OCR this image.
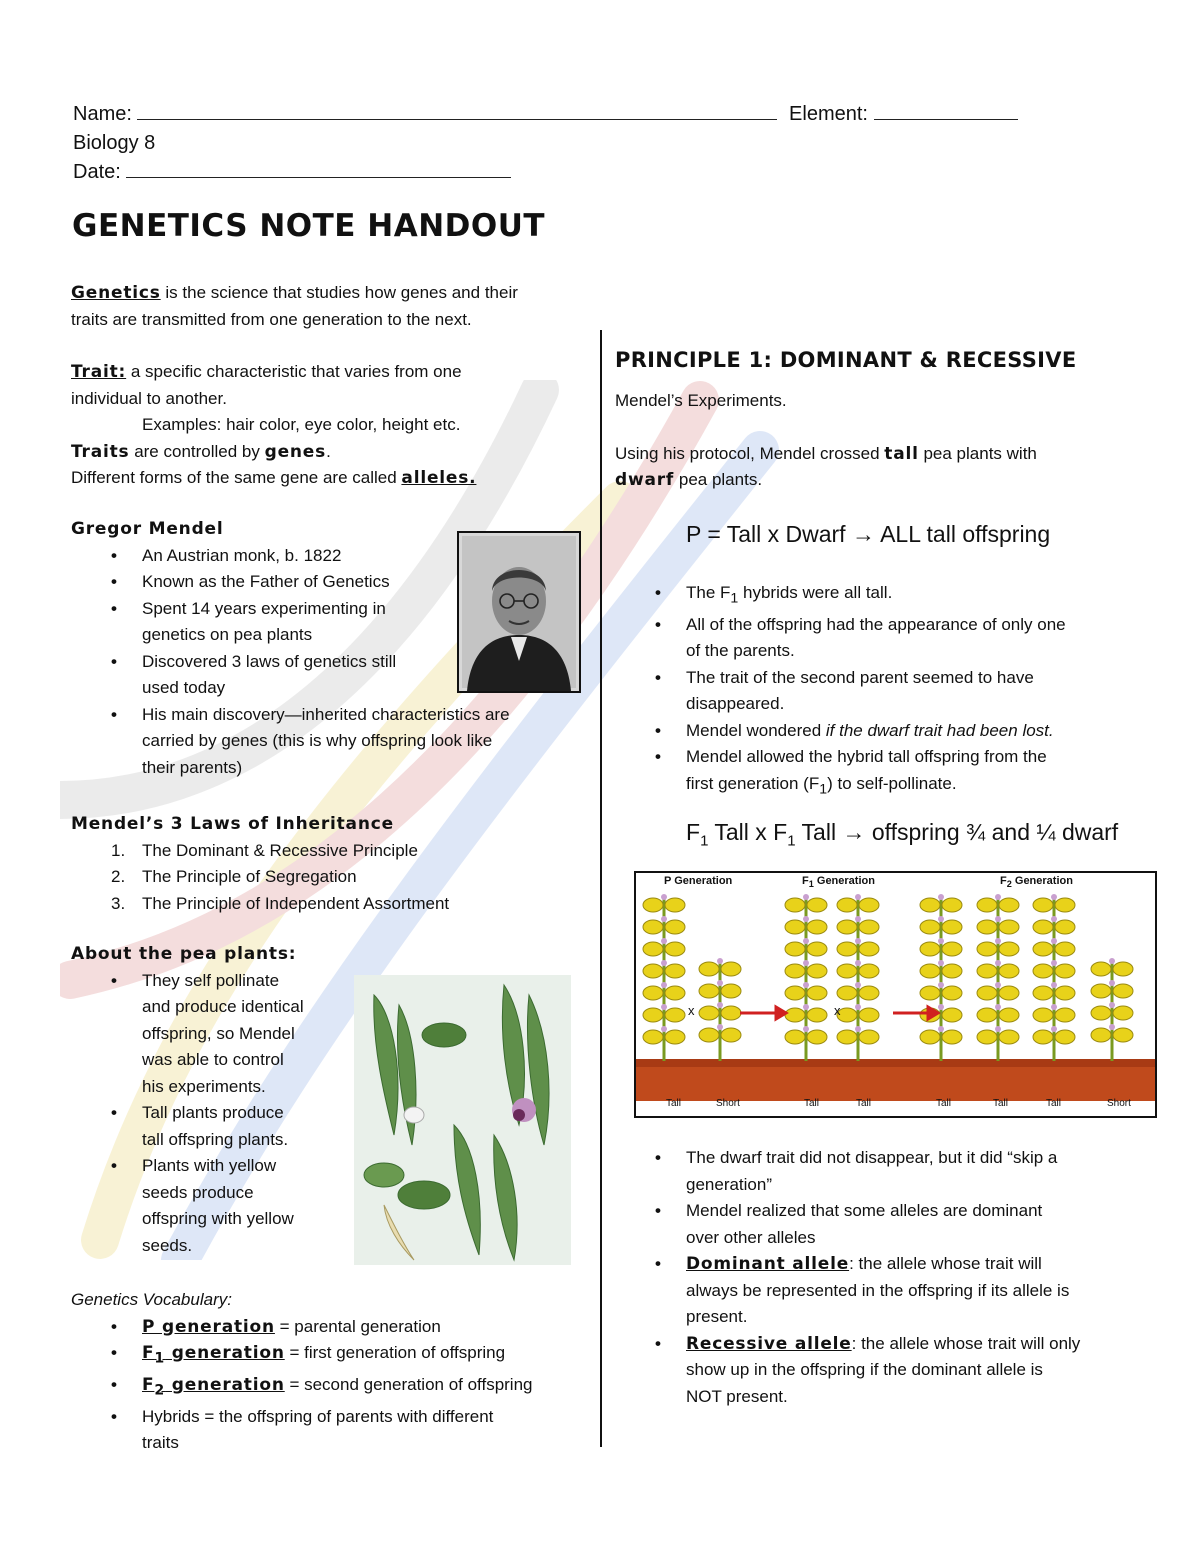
Name:	Element:
Biology 8
Date:
GENETICS NOTE HANDOUT
Genetics is the science that studies how genes and their
traits are transmitted from one generation to the next.
Trait: a specific characteristic that varies from one
individual to another.
Examples: hair color, eye color, height etc.
Traits are controlled by genes.
Different forms of the same gene are called alleles.
Gregor Mendel
• An Austrian monk, b. 1822
• Known as the Father of Genetics
• Spent 14 years experimenting in
genetics on pea plants
• Discovered 3 laws of genetics still
used today
• His main discovery—inherited characteristics are
carried by genes (this is why offspring look like
their parents)
Mendel’s 3 Laws of Inheritance
1. The Dominant & Recessive Principle
2. The Principle of Segregation
3. The Principle of Independent Assortment
About the pea plants:
• They self pollinate
and produce identical
offspring, so Mendel
was able to control
his experiments.
• Tall plants produce
tall offspring plants.
• Plants with yellow
seeds produce
offspring with yellow
seeds.
Genetics Vocabulary:
• P generation = parental generation
• $F_1$ generation = first generation of offspring
• $F_2$ generation = second generation of offspring
• Hybrids = the offspring of parents with different
traits
PRINCIPLE 1: DOMINANT & RECESSIVE
Mendel’s Experiments.
Using his protocol, Mendel crossed tall pea plants with
dwarf pea plants.
P = Tall x Dwarf → ALL tall offspring
• The $F_1$ hybrids were all tall.
• All of the offspring had the appearance of only one
of the parents.
• The trait of the second parent seemed to have
disappeared.
• Mendel wondered if the dwarf trait had been lost.
• Mendel allowed the hybrid tall offspring from the
first generation $(F_1)$ to self-pollinate.
$F_1$ Tall x $F_1$ Tall → offspring ¾ and ¼ dwarf
P Generation	$F_1$ Generation	$F_2$ Generation
x	x
Tall	Short	Tall	Tall	Tall	Tall	Tall	Short
• The dwarf trait did not disappear, but it did “skip a
generation”
• Mendel realized that some alleles are dominant
over other alleles
• Dominant allele: the allele whose trait will
always be represented in the offspring if its allele is
present.
• Recessive allele: the allele whose trait will only
show up in the offspring if the dominant allele is
NOT present.
